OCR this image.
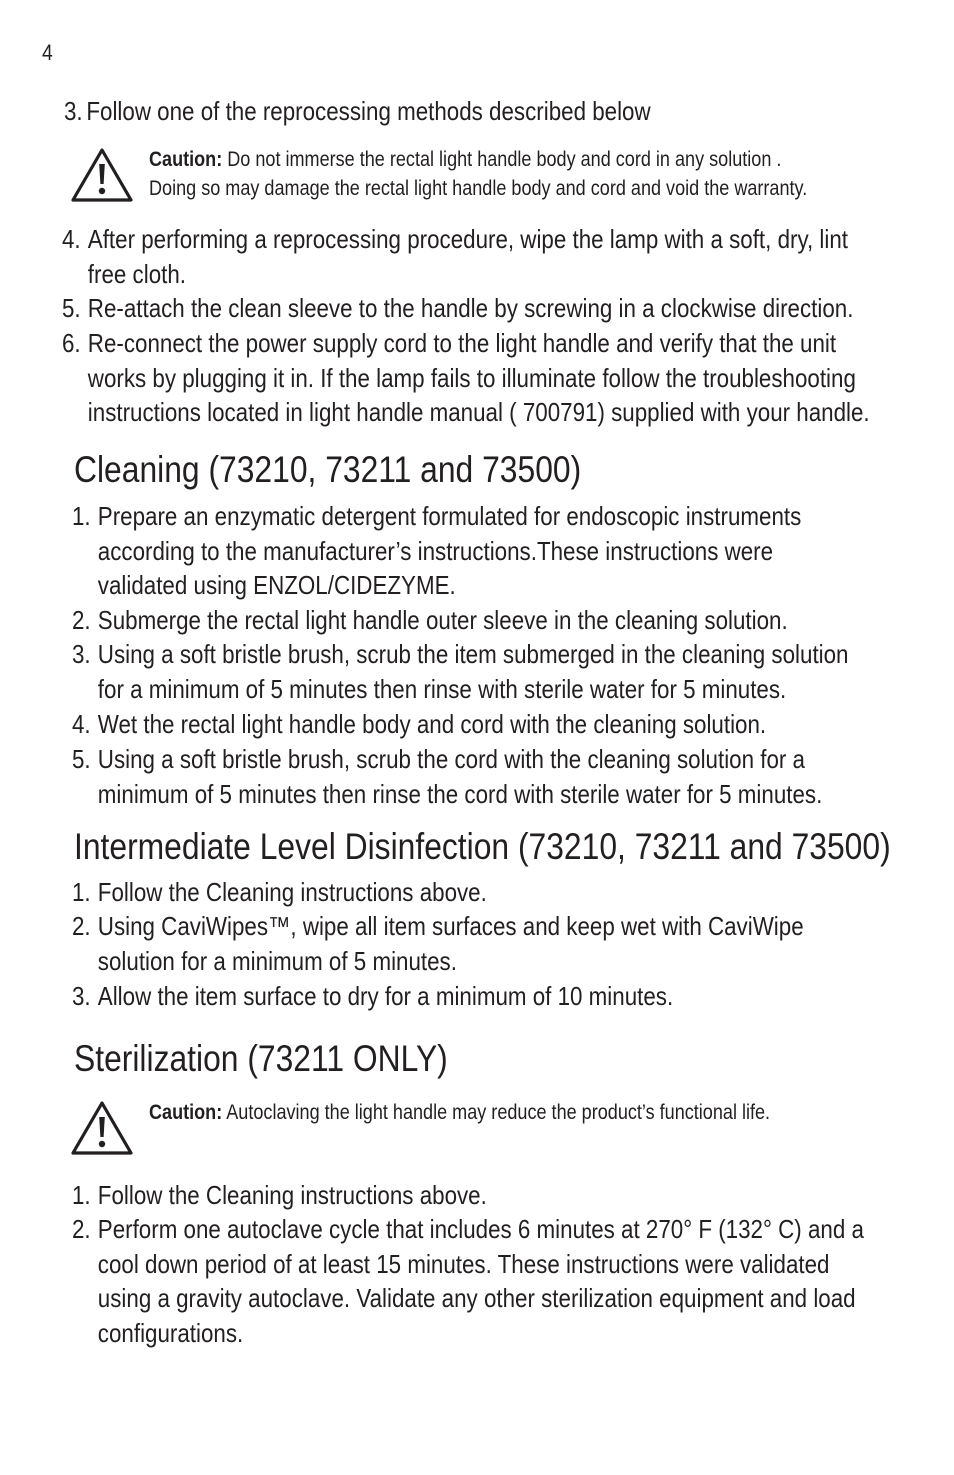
4
3. Follow one of the reprocessing methods described below
Caution: Do not immerse the rectal light handle body and cord in any solution .
Doing so may damage the rectal light handle body and cord and void the warranty.
4. After performing a reprocessing procedure, wipe the lamp with a soft, dry, lint
free cloth.
5. Re-attach the clean sleeve to the handle by screwing in a clockwise direction.
6. Re-connect the power supply cord to the light handle and verify that the unit
works by plugging it in. If the lamp fails to illuminate follow the troubleshooting
instructions located in light handle manual ( 700791) supplied with your handle.
Cleaning (73210, 73211 and 73500)
1. Prepare an enzymatic detergent formulated for endoscopic instruments
according to the manufacturer’s instructions.These instructions were
validated using ENZOL/CIDEZYME.
2. Submerge the rectal light handle outer sleeve in the cleaning solution.
3. Using a soft bristle brush, scrub the item submerged in the cleaning solution
for a minimum of 5 minutes then rinse with sterile water for 5 minutes.
4. Wet the rectal light handle body and cord with the cleaning solution.
5. Using a soft bristle brush, scrub the cord with the cleaning solution for a
minimum of 5 minutes then rinse the cord with sterile water for 5 minutes.
Intermediate Level Disinfection (73210, 73211 and 73500)
1. Follow the Cleaning instructions above.
2. Using CaviWipes™, wipe all item surfaces and keep wet with CaviWipe
solution for a minimum of 5 minutes.
3. Allow the item surface to dry for a minimum of 10 minutes.
Sterilization (73211 ONLY)
Caution: Autoclaving the light handle may reduce the product’s functional life.
1. Follow the Cleaning instructions above.
2. Perform one autoclave cycle that includes 6 minutes at 270° F (132° C) and a
cool down period of at least 15 minutes. These instructions were validated
using a gravity autoclave. Validate any other sterilization equipment and load
configurations.
